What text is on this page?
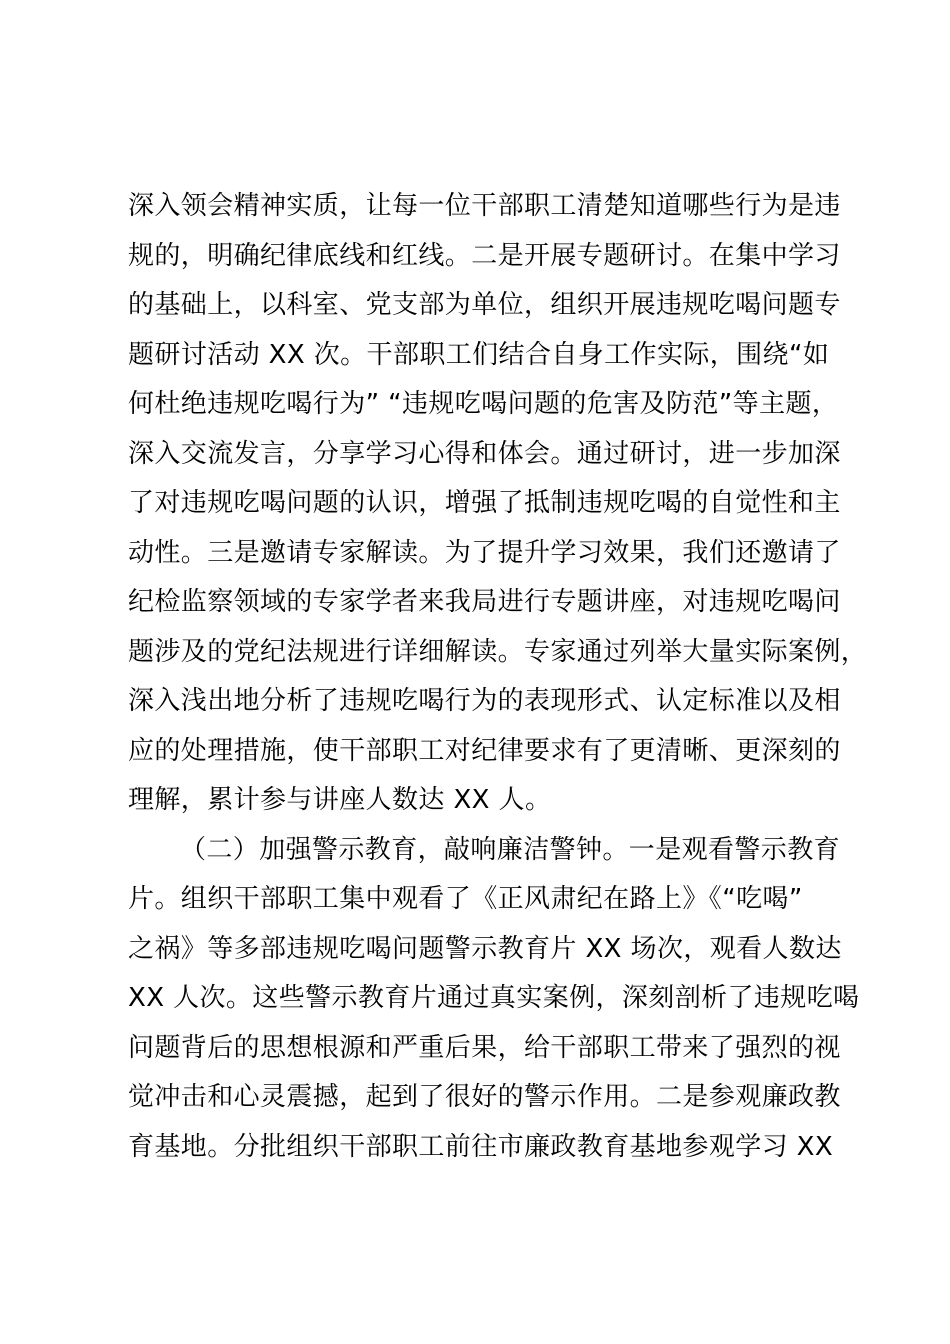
深入领会精神实质，让每一位干部职工清楚知道哪些行为是违
规的，明确纪律底线和红线。二是开展专题研讨。在集中学习
的基础上，以科室、党支部为单位，组织开展违规吃喝问题专
题研讨活动 XX 次。干部职工们结合自身工作实际，围绕“如
何杜绝违规吃喝行为” “违规吃喝问题的危害及防范”等主题，
深入交流发言，分享学习心得和体会。通过研讨，进一步加深
了对违规吃喝问题的认识，增强了抵制违规吃喝的自觉性和主
动性。三是邀请专家解读。为了提升学习效果，我们还邀请了
纪检监察领域的专家学者来我局进行专题讲座，对违规吃喝问
题涉及的党纪法规进行详细解读。专家通过列举大量实际案例，
深入浅出地分析了违规吃喝行为的表现形式、认定标准以及相
应的处理措施，使干部职工对纪律要求有了更清晰、更深刻的
理解，累计参与讲座人数达 XX 人。
（二）加强警示教育，敲响廉洁警钟。一是观看警示教育
片。组织干部职工集中观看了《正风肃纪在路上》《“吃喝”
之祸》等多部违规吃喝问题警示教育片 XX 场次，观看人数达
XX 人次。这些警示教育片通过真实案例，深刻剖析了违规吃喝
问题背后的思想根源和严重后果，给干部职工带来了强烈的视
觉冲击和心灵震撼，起到了很好的警示作用。二是参观廉政教
育基地。分批组织干部职工前往市廉政教育基地参观学习 XX
